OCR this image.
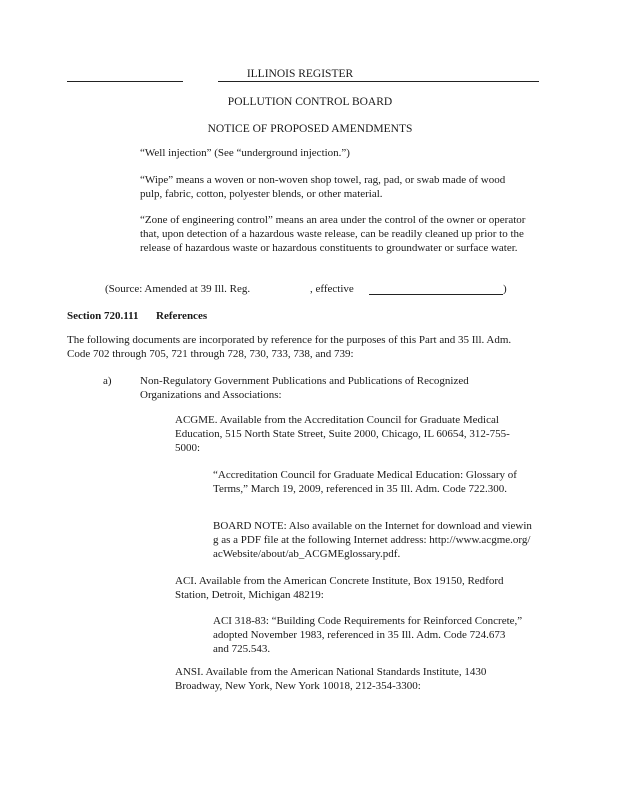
ILLINOIS REGISTER
POLLUTION CONTROL BOARD
NOTICE OF PROPOSED AMENDMENTS
“Well injection” (See “underground injection.”)
“Wipe” means a woven or non-woven shop towel, rag, pad, or swab made of wood pulp, fabric, cotton, polyester blends, or other material.
“Zone of engineering control” means an area under the control of the owner or operator that, upon detection of a hazardous waste release, can be readily cleaned up prior to the release of hazardous waste or hazardous constituents to groundwater or surface water.
(Source: Amended at 39 Ill. Reg.	, effective	)
Section 720.111 References
The following documents are incorporated by reference for the purposes of this Part and 35 Ill. Adm. Code 702 through 705, 721 through 728, 730, 733, 738, and 739:
a)	Non-Regulatory Government Publications and Publications of Recognized Organizations and Associations:
ACGME. Available from the Accreditation Council for Graduate Medical Education, 515 North State Street, Suite 2000, Chicago, IL 60654, 312-755-5000:
“Accreditation Council for Graduate Medical Education: Glossary of Terms,” March 19, 2009, referenced in 35 Ill. Adm. Code 722.300.
BOARD NOTE: Also available on the Internet for download and viewing as a PDF file at the following Internet address: http://www.acgme.org/acWebsite/about/ab_ACGMEglossary.pdf.
ACI. Available from the American Concrete Institute, Box 19150, Redford Station, Detroit, Michigan 48219:
ACI 318-83: “Building Code Requirements for Reinforced Concrete,” adopted November 1983, referenced in 35 Ill. Adm. Code 724.673 and 725.543.
ANSI. Available from the American National Standards Institute, 1430 Broadway, New York, New York 10018, 212-354-3300:
